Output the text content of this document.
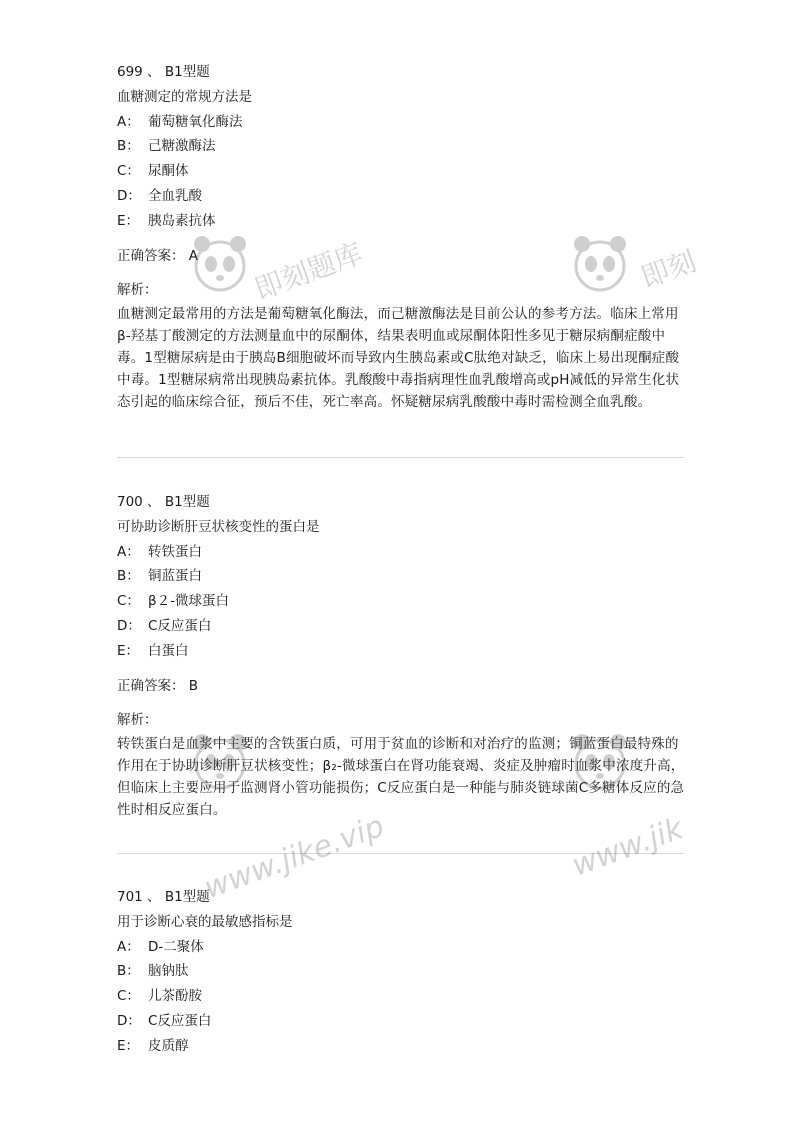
699 、 B1型题
血糖测定的常规方法是
A： 葡萄糖氧化酶法
B： 己糖激酶法
C： 尿酮体
D： 全血乳酸
E： 胰岛素抗体
正确答案： A
解析：
血糖测定最常用的方法是葡萄糖氧化酶法，而己糖激酶法是目前公认的参考方法。临床上常用β-羟基丁酸测定的方法测量血中的尿酮体，结果表明血或尿酮体阳性多见于糖尿病酮症酸中毒。1型糖尿病是由于胰岛B细胞破坏而导致内生胰岛素或C肽绝对缺乏，临床上易出现酮症酸中毒。1型糖尿病常出现胰岛素抗体。乳酸酸中毒指病理性血乳酸增高或pH减低的异常生化状态引起的临床综合征，预后不佳，死亡率高。怀疑糖尿病乳酸酸中毒时需检测全血乳酸。
700 、 B1型题
可协助诊断肝豆状核变性的蛋白是
A： 转铁蛋白
B： 铜蓝蛋白
C： β２-微球蛋白
D： C反应蛋白
E： 白蛋白
正确答案： B
解析：
转铁蛋白是血浆中主要的含铁蛋白质，可用于贫血的诊断和对治疗的监测；铜蓝蛋白最特殊的作用在于协助诊断肝豆状核变性；β₂-微球蛋白在肾功能衰竭、炎症及肿瘤时血浆中浓度升高，但临床上主要应用于监测肾小管功能损伤；C反应蛋白是一种能与肺炎链球菌C多糖体反应的急性时相反应蛋白。
701 、 B1型题
用于诊断心衰的最敏感指标是
A： D-二聚体
B： 脑钠肽
C： 儿茶酚胺
D： C反应蛋白
E： 皮质醇
即刻题库	即刻
www.jike.vip	www.jik
